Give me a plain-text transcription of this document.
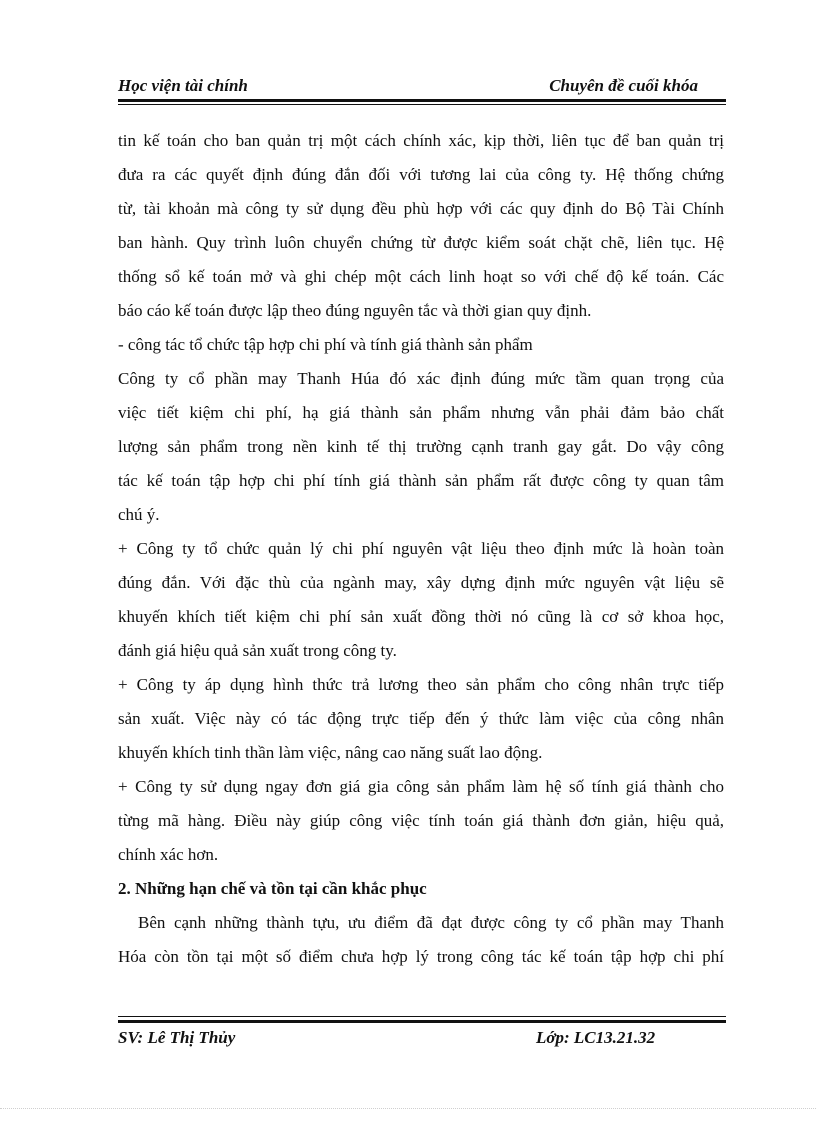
Học viện tài chính	Chuyên đề cuối khóa
tin kế toán cho ban quản trị một cách chính xác, kịp thời, liên tục để ban quản trị
đưa ra các quyết định đúng đắn đối với tương lai của công ty. Hệ thống chứng
từ, tài khoản mà công ty sử dụng đều phù hợp với các quy định do Bộ Tài Chính
ban hành. Quy trình luôn chuyển chứng từ được kiểm soát chặt chẽ, liên tục. Hệ
thống sổ kế toán mở và ghi chép một cách linh hoạt so với chế độ kế toán. Các
báo cáo kế toán được lập theo đúng nguyên tắc và thời gian quy định.
- công tác tổ chức tập hợp chi phí và tính giá thành sản phẩm
Công ty cổ phần may Thanh Húa đó xác định đúng mức tầm quan trọng của
việc tiết kiệm chi phí, hạ giá thành sản phẩm nhưng vẫn phải đảm bảo chất
lượng sản phẩm trong nền kinh tế thị trường cạnh tranh gay gắt. Do vậy công
tác kế toán tập hợp chi phí tính giá thành sản phẩm rất được công ty quan tâm
chú ý.
+ Công ty tổ chức quản lý chi phí nguyên vật liệu theo định mức là hoàn toàn
đúng đắn. Với đặc thù của ngành may, xây dựng định mức nguyên vật liệu sẽ
khuyến khích tiết kiệm chi phí sản xuất đồng thời nó cũng là cơ sở khoa học,
đánh giá hiệu quả sản xuất trong công ty.
+ Công ty áp dụng hình thức trả lương theo sản phẩm cho công nhân trực tiếp
sản xuất. Việc này có tác động trực tiếp đến ý thức làm việc của công nhân
khuyến khích tinh thần làm việc, nâng cao năng suất lao động.
+ Công ty sử dụng ngay đơn giá gia công sản phẩm làm hệ số tính giá thành cho
từng mã hàng. Điều này giúp công việc tính toán giá thành đơn giản, hiệu quả,
chính xác hơn.
2. Những hạn chế và tồn tại cần khắc phục
Bên cạnh những thành tựu, ưu điểm đã đạt được công ty cổ phần may Thanh
Hóa còn tồn tại một số điểm chưa hợp lý trong công tác kế toán tập hợp chi phí
SV: Lê Thị Thủy	Lớp: LC13.21.32
